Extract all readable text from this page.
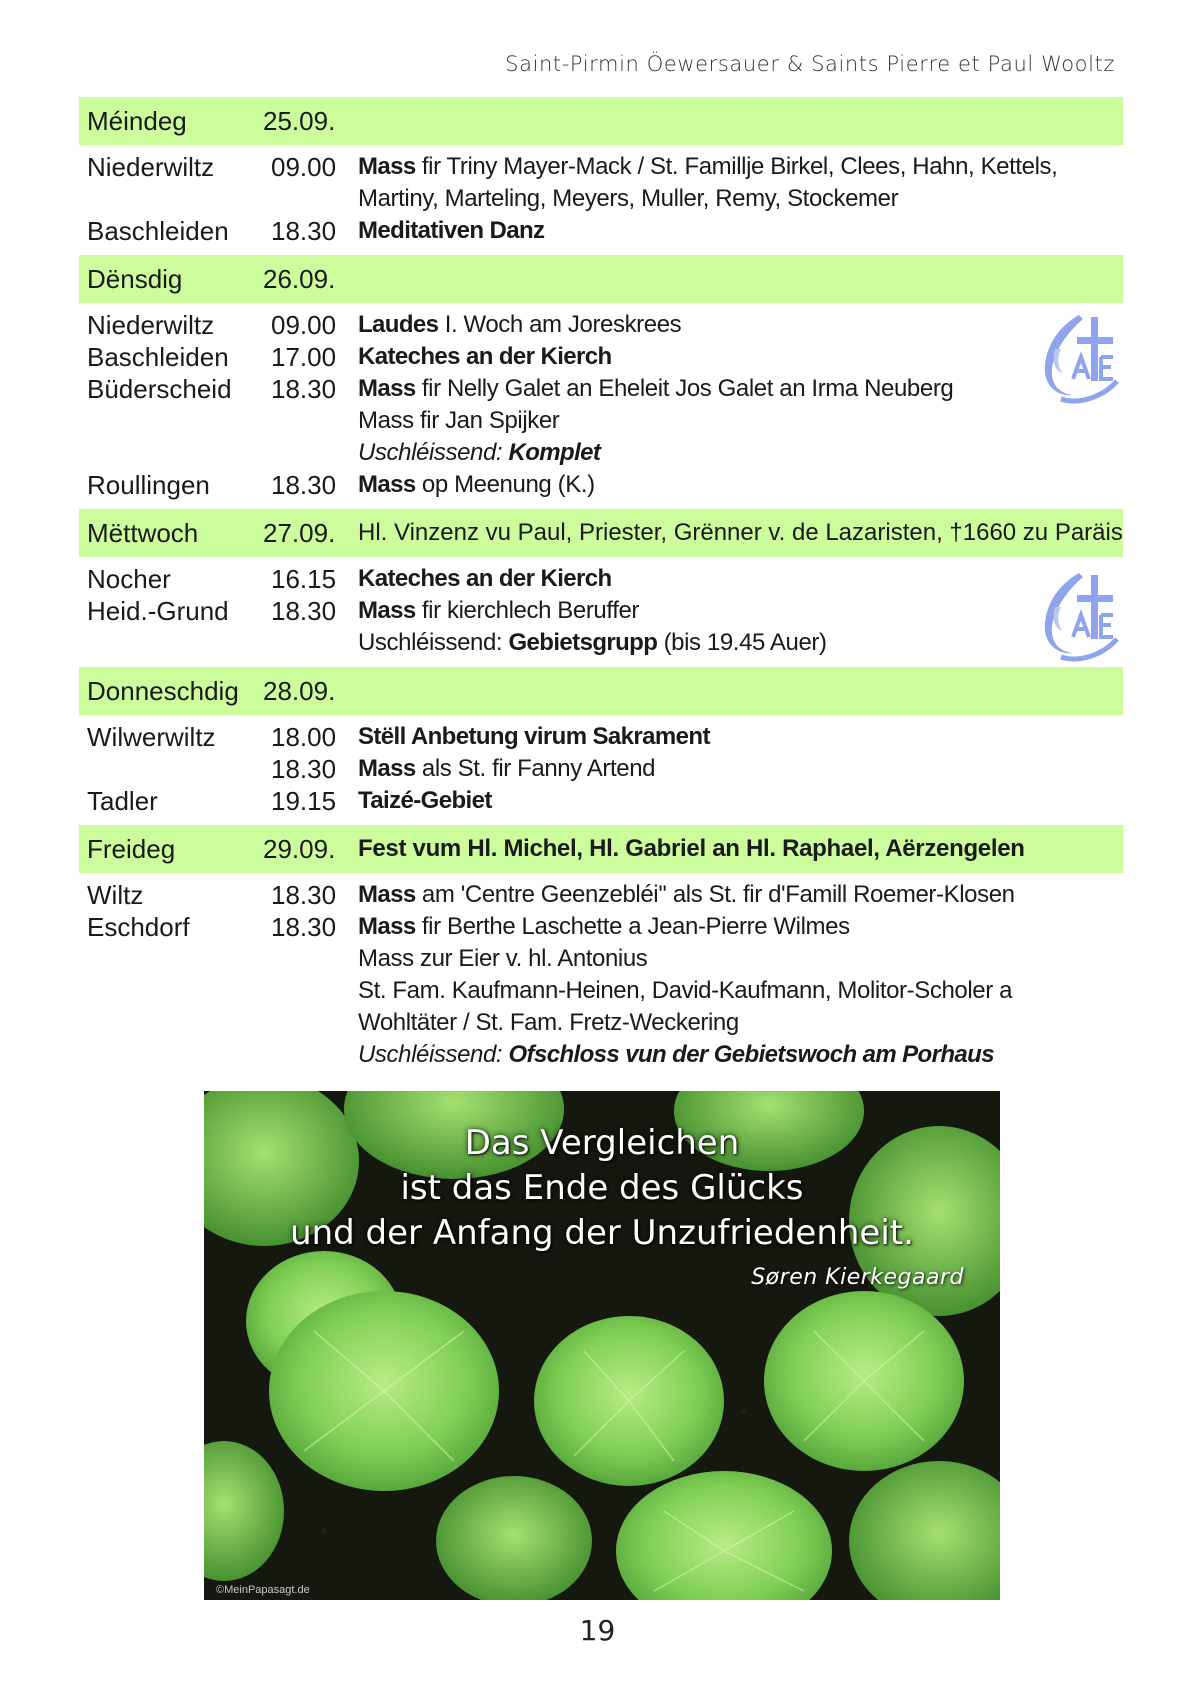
Saint-Pirmin Öewersauer & Saints Pierre et Paul Wooltz
Méindeg	25.09.
Niederwiltz	09.00 Mass fir Triny Mayer-Mack / St. Famillje Birkel, Clees, Hahn, Kettels,
Martiny, Marteling, Meyers, Muller, Remy, Stockemer
Baschleiden	18.30 Meditativen Danz
Dënsdig	26.09.
Niederwiltz	09.00 Laudes I. Woch am Joreskrees
Baschleiden	17.00 Kateches an der Kierch
Büderscheid	18.30 Mass fir Nelly Galet an Eheleit Jos Galet an Irma Neuberg
Mass fir Jan Spijker
Uschléissend: Komplet
Roullingen	18.30 Mass op Meenung (K.)
Mëttwoch	27.09. Hl. Vinzenz vu Paul, Priester, Grënner v. de Lazaristen, †1660 zu Paräis
Nocher	16.15 Kateches an der Kierch
Heid.-Grund	18.30 Mass fir kierchlech Beruffer
Uschléissend: Gebietsgrupp (bis 19.45 Auer)
Donneschdig 28.09.
Wilwerwiltz	18.00 Stëll Anbetung virum Sakrament
18.30 Mass als St. fir Fanny Artend
Tadler	19.15 Taizé-Gebiet
Freideg	29.09. Fest vum Hl. Michel, Hl. Gabriel an Hl. Raphael, Aërzengelen
Wiltz	18.30 Mass am 'Centre Geenzebléi'' als St. fir d'Famill Roemer-Klosen
Eschdorf	18.30 Mass fir Berthe Laschette a Jean-Pierre Wilmes
Mass zur Eier v. hl. Antonius
St. Fam. Kaufmann-Heinen, David-Kaufmann, Molitor-Scholer a
Wohltäter / St. Fam. Fretz-Weckering
Uschléissend: Ofschloss vun der Gebietswoch am Porhaus
Das Vergleichen
ist das Ende des Glücks
und der Anfang der Unzufriedenheit.
Søren Kierkegaard
©MeinPapasagt.de
19
